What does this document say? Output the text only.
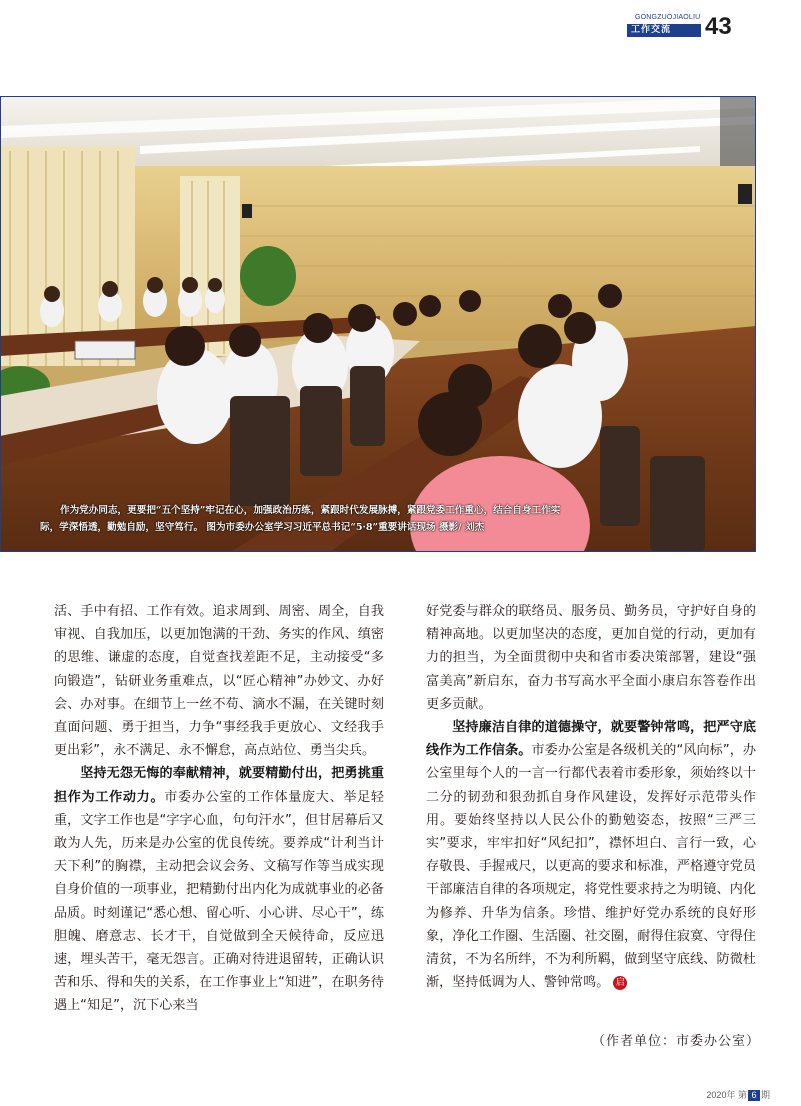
GONGZUOJIAOLIU
工作交流 43
作为党办同志，更要把“五个坚持”牢记在心，加强政治历练，紧跟时代发展脉搏，紧跟党委工作重心，结合自身工作实
际，学深悟透，勤勉自励，坚守笃行。 图为市委办公室学习习近平总书记“5·8”重要讲话现场 摄影/ 刘杰

活、手中有招、工作有效。追求周到、周密、周全，自我审视、自我加压，以更加饱满的干劲、务实的作风、缜密的思维、谦虚的态度，自觉查找差距不足，主动接受“多向锻造”，钻研业务重难点，以“匠心精神”办妙文、办好会、办对事。在细节上一丝不苟、滴水不漏，在关键时刻直面问题、勇于担当，力争“事经我手更放心、文经我手更出彩”，永不满足、永不懈怠，高点站位、勇当尖兵。

坚持无怨无悔的奉献精神，就要精勤付出，把勇挑重担作为工作动力。市委办公室的工作体量庞大、举足轻重，文字工作也是“字字心血，句句汗水”，但甘居幕后又敢为人先，历来是办公室的优良传统。要养成“计利当计天下利”的胸襟，主动把会议会务、文稿写作等当成实现自身价值的一项事业，把精勤付出内化为成就事业的必备品质。时刻谨记“悉心想、留心听、小心讲、尽心干”，练胆魄、磨意志、长才干，自觉做到全天候待命，反应迅速，埋头苦干，毫无怨言。正确对待进退留转，正确认识苦和乐、得和失的关系，在工作事业上“知进”，在职务待遇上“知足”，沉下心来当

好党委与群众的联络员、服务员、勤务员，守护好自身的精神高地。以更加坚决的态度，更加自觉的行动，更加有力的担当，为全面贯彻中央和省市委决策部署，建设“强富美高”新启东，奋力书写高水平全面小康启东答卷作出更多贡献。

坚持廉洁自律的道德操守，就要警钟常鸣，把严守底线作为工作信条。市委办公室是各级机关的“风向标”，办公室里每个人的一言一行都代表着市委形象，须始终以十二分的韧劲和狠劲抓自身作风建设，发挥好示范带头作用。要始终坚持以人民公仆的勤勉姿态，按照“三严三实”要求，牢牢扣好“风纪扣”，襟怀坦白、言行一致，心存敬畏、手握戒尺，以更高的要求和标准，严格遵守党员干部廉洁自律的各项规定，将党性要求持之为明镜、内化为修养、升华为信条。珍惜、维护好党办系统的良好形象，净化工作圈、生活圈、社交圈，耐得住寂寞、守得住清贫，不为名所绊，不为利所羁，做到坚守底线、防微杜渐，坚持低调为人、警钟常鸣。 启

（作者单位：市委办公室）
2020年 第 6 期
